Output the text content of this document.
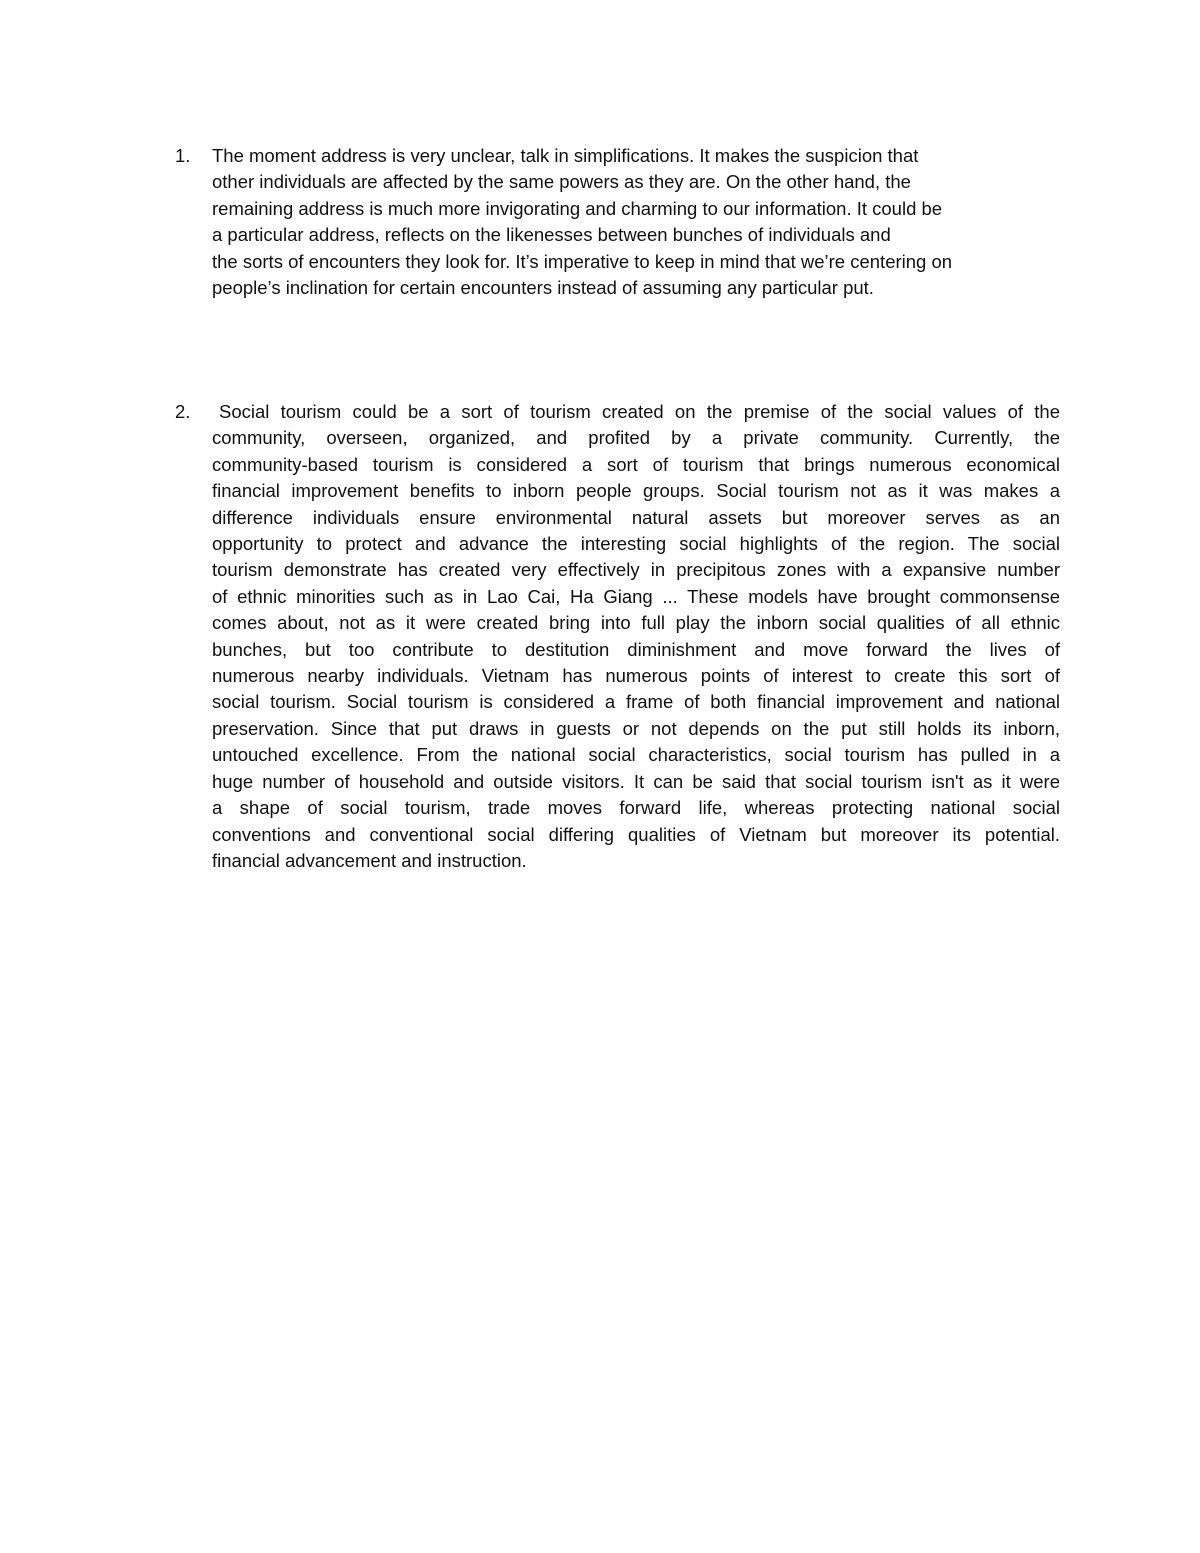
1.	The moment address is very unclear, talk in simplifications. It makes the suspicion that
other individuals are affected by the same powers as they are. On the other hand, the
remaining address is much more invigorating and charming to our information. It could be
a particular address, reflects on the likenesses between bunches of individuals and
the sorts of encounters they look for. It’s imperative to keep in mind that we’re centering on
people’s inclination for certain encounters instead of assuming any particular put.
2.	Social tourism could be a sort of tourism created on the premise of the social values of the
community, overseen, organized, and profited by a private community. Currently, the
community-based tourism is considered a sort of tourism that brings numerous economical
financial improvement benefits to inborn people groups. Social tourism not as it was makes a
difference individuals ensure environmental natural assets but moreover serves as an
opportunity to protect and advance the interesting social highlights of the region. The social
tourism demonstrate has created very effectively in precipitous zones with a expansive number
of ethnic minorities such as in Lao Cai, Ha Giang ... These models have brought commonsense
comes about, not as it were created bring into full play the inborn social qualities of all ethnic
bunches, but too contribute to destitution diminishment and move forward the lives of
numerous nearby individuals. Vietnam has numerous points of interest to create this sort of
social tourism. Social tourism is considered a frame of both financial improvement and national
preservation. Since that put draws in guests or not depends on the put still holds its inborn,
untouched excellence. From the national social characteristics, social tourism has pulled in a
huge number of household and outside visitors. It can be said that social tourism isn't as it were
a shape of social tourism, trade moves forward life, whereas protecting national social
conventions and conventional social differing qualities of Vietnam but moreover its potential.
financial advancement and instruction.
